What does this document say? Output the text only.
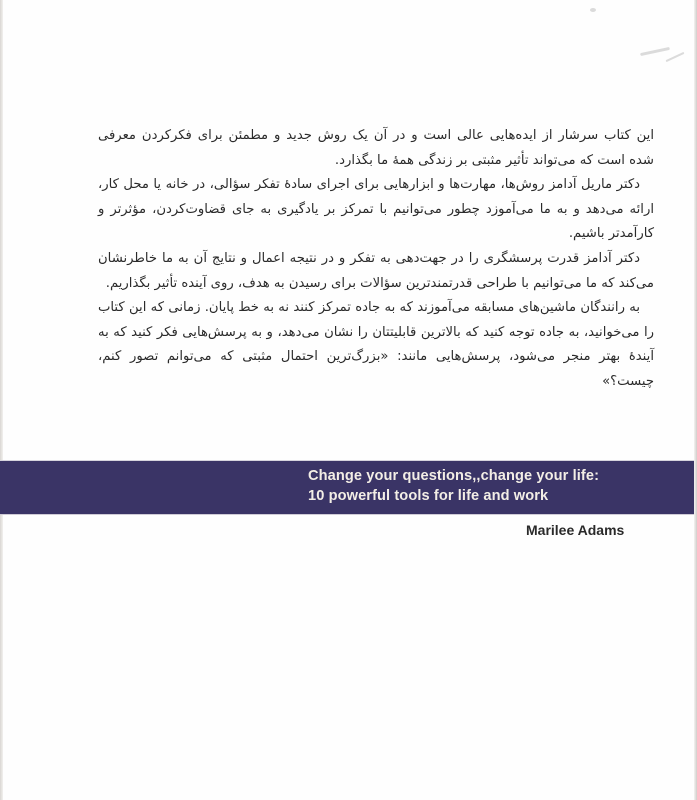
این کتاب سرشار از ایده‌هایی عالی است و در آن یک روش جدید و مطمئن برای فکرکردن معرفی شده است که می‌تواند تأثیر مثبتی بر زندگی همهٔ ما بگذارد.

دکتر ماریل آدامز روش‌ها، مهارت‌ها و ابزارهایی برای اجرای سادهٔ تفکر سؤالی، در خانه یا محل کار، ارائه می‌دهد و به ما می‌آموزد چطور می‌توانیم با تمرکز بر یادگیری به جای قضاوت‌کردن، مؤثرتر و کارآمدتر باشیم.

دکتر آدامز قدرت پرسشگری را در جهت‌دهی به تفکر و در نتیجه اعمال و نتایج آن به ما خاطرنشان می‌کند که ما می‌توانیم با طراحی قدرتمندترین سؤالات برای رسیدن به هدف، روی آینده تأثیر بگذاریم.

به رانندگان ماشین‌های مسابقه می‌آموزند که به جاده تمرکز کنند نه به خط پایان. زمانی که این کتاب را می‌خوانید، به جاده توجه کنید که بالاترین قابلیتتان را نشان می‌دهد، و به پرسش‌هایی فکر کنید که به آیندهٔ بهتر منجر می‌شود، پرسش‌هایی مانند: «بزرگ‌ترین احتمال مثبتی که می‌توانم تصور کنم، چیست؟»

Change your questions,,change your life:
10 powerful tools for life and work
Marilee Adams
